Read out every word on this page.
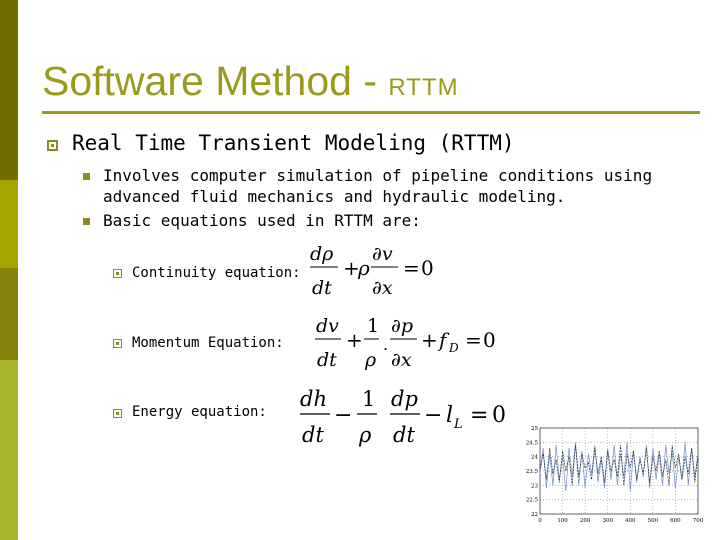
Software Method - RTTM
Real Time Transient Modeling (RTTM)
Involves computer simulation of pipeline conditions using
advanced fluid mechanics and hydraulic modeling.
Basic equations used in RTTM are:
Continuity equation:
dρ
dt
+
ρ
∂v
∂x
= 0
Momentum Equation:
dv
dt
+
1
ρ
.
∂p
∂x
+ f D = 0
Energy equation:
dh
dt
−
1
ρ
dp
dt
− l L = 0
25
24.5
24
23.5
23
22.5
22
0	100 200 300 400 500 600 700
